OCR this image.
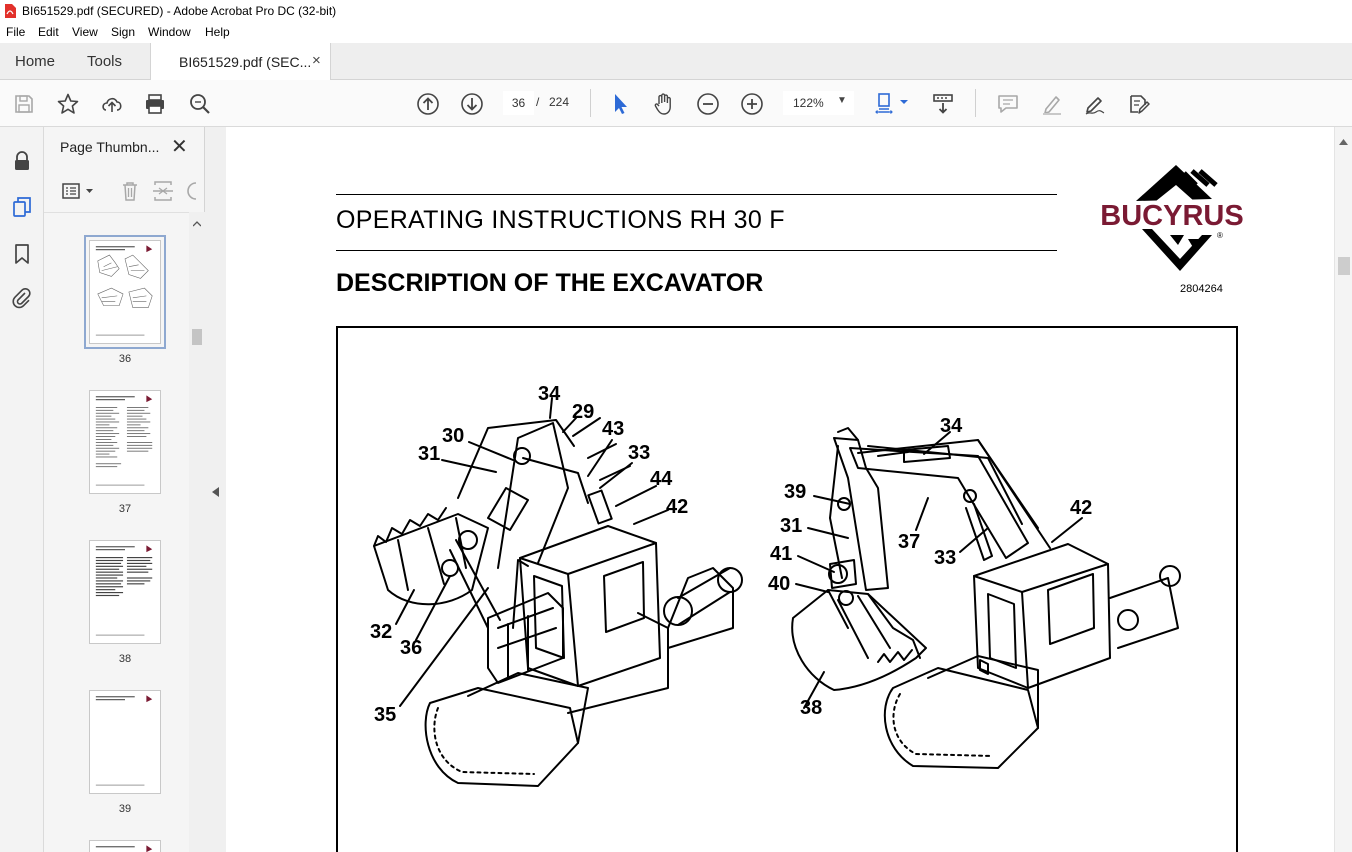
BI651529.pdf (SECURED) - Adobe Acrobat Pro DC (32-bit)
File Edit View Sign Window Help
Home Tools	BI651529.pdf (SEC... ×
36 / 224	122% ▼
Page Thumbn... ✕
36
37
38
39
OPERATING INSTRUCTIONS RH 30 F
DESCRIPTION OF THE EXCAVATOR
BUCYRUS
®
2804264
34
29
30	43
31	33
44
42
32
36
35
34
39
42
31
37
33
41
40
38
